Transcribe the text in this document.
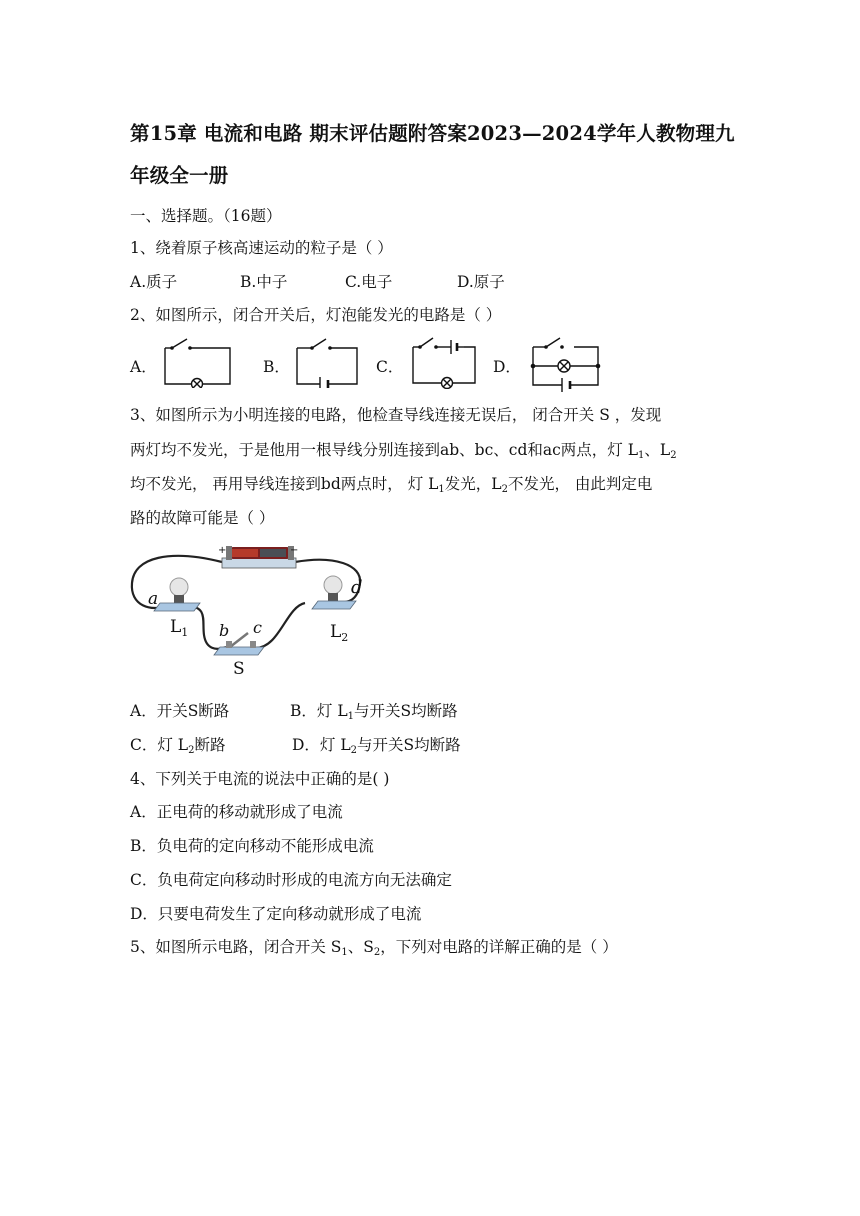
第15章 电流和电路 期末评估题附答案2023—2024学年人教物理九
年级全一册
一、选择题。（16题）
1、绕着原子核高速运动的粒子是（ ）
A.质子	B.中子	C.电子	D.原子
2、如图所示，闭合开关后，灯泡能发光的电路是（ ）
A．	B．	C．	D．
3、如图所示为小明连接的电路，他检查导线连接无误后， 闭合开关 S ，发现
两灯均不发光，于是他用一根导线分别连接到ab、bc、cd和ac两点，灯 $L_1$、$L_2$
均不发光， 再用导线连接到bd两点时， 灯 $L_1$发光，$L_2$不发光， 由此判定电
路的故障可能是（ ）
+	−
a
b c
d
$L_1$	$L_2$
S
A．开关S断路	B．灯 $L_1$与开关S均断路
C．灯 $L_2$断路	D．灯 $L_2$与开关S均断路
4、下列关于电流的说法中正确的是( )
A．正电荷的移动就形成了电流
B．负电荷的定向移动不能形成电流
C．负电荷定向移动时形成的电流方向无法确定
D．只要电荷发生了定向移动就形成了电流
5、如图所示电路，闭合开关 $S_1$、$S_2$，下列对电路的详解正确的是（ ）
